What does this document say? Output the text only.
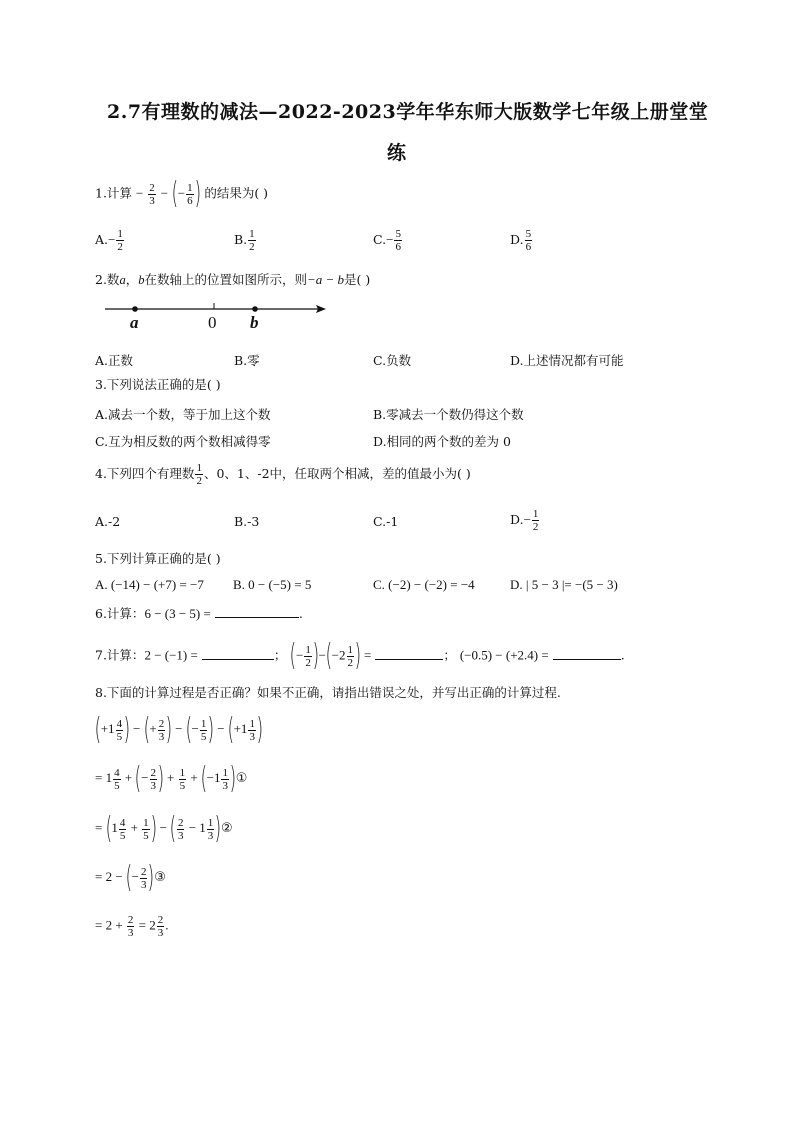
2.7有理数的减法—2022-2023学年华东师大版数学七年级上册堂堂
练
1.计算 − $\frac{2}{3}$ − (− $\frac{1}{6}$ ) 的结果为( )
$A.- \frac{1}{2}$	B. $\frac{1}{2}$	$C.- \frac{5}{6}$	D. $\frac{5}{6}$
2.数a，b在数轴上的位置如图所示，则−a − b是( )
a	0 b
A.正数	B.零	C.负数	D.上述情况都有可能
3.下列说法正确的是( )
A.减去一个数，等于加上这个数	B.零减去一个数仍得这个数
C.互为相反数的两个数相减得零	D.相同的两个数的差为 0
4.下列四个有理数 $\frac{1}{2}$ 、0、1、-2中，任取两个相减，差的值最小为( )
A.-2	B.-3	C.-1	$D.- \frac{1}{2}$
5.下列计算正确的是( )
A. (−14) − (+7) = −7 B. 0 − (−5) = 5	C. (−2) − (−2) = −4	D. | 5 − 3 |= −(5 − 3)
6.计算：6 − (3 − 5) =	.
7.计算：2 − (−1) =	； (− $\frac{1}{2} )-(-2 \frac{1}{2}$ ) =	； (−0.5) − (+2.4) =	.
8.下面的计算过程是否正确？如果不正确，请指出错误之处，并写出正确的计算过程.
($+1 \frac{4}{5}$ ) − (+ $\frac{2}{3}$ ) − (− $\frac{1}{5}$ ) − ($+1 \frac{1}{3}$ )
= $1 \frac{4}{5}$ + (− $\frac{2}{3}$ ) + $\frac{1}{5} + (-1 \frac{1}{3}$ )①
= ($1 \frac{4}{5} + \frac{1}{5}$ ) − ( $\frac{2}{3} - 1 \frac{1}{3}$ )②
= 2 − (− $\frac{2}{3}$ )③
= $2 + \frac{2}{3} = 2 \frac{2}{3}$ .
